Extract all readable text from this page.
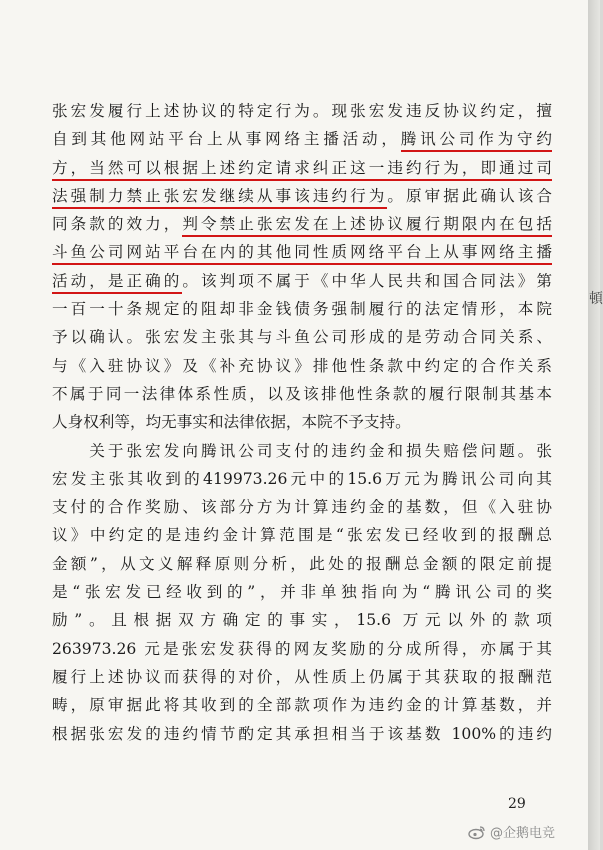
张宏发履行上述协议的特定行为。现张宏发违反协议约定，擅
自到其他网站平台上从事网络主播活动，腾讯公司作为守约
方，当然可以根据上述约定请求纠正这一违约行为，即通过司
法强制力禁止张宏发继续从事该违约行为。原审据此确认该合
同条款的效力，判令禁止张宏发在上述协议履行期限内在包括
斗鱼公司网站平台在内的其他同性质网络平台上从事网络主播
活动，是正确的。该判项不属于《中华人民共和国合同法》第
一百一十条规定的阻却非金钱债务强制履行的法定情形，本院
予以确认。张宏发主张其与斗鱼公司形成的是劳动合同关系、
与《入驻协议》及《补充协议》排他性条款中约定的合作关系
不属于同一法律体系性质，以及该排他性条款的履行限制其基本
人身权利等，均无事实和法律依据，本院不予支持。
　　关于张宏发向腾讯公司支付的违约金和损失赔偿问题。张
宏发主张其收到的419973.26元中的15.6万元为腾讯公司向其
支付的合作奖励、该部分方为计算违约金的基数，但《入驻协
议》中约定的是违约金计算范围是“张宏发已经收到的报酬总
金额”，从文义解释原则分析，此处的报酬总金额的限定前提
是“张宏发已经收到的”，并非单独指向为“腾讯公司的奖
励”。且根据双方确定的事实，15.6 万元以外的款项
263973.26 元是张宏发获得的网友奖励的分成所得，亦属于其
履行上述协议而获得的对价，从性质上仍属于其获取的报酬范
畴，原审据此将其收到的全部款项作为违约金的计算基数，并
根据张宏发的违约情节酌定其承担相当于该基数 100%的违约
29
@企鹅电竞
頓
